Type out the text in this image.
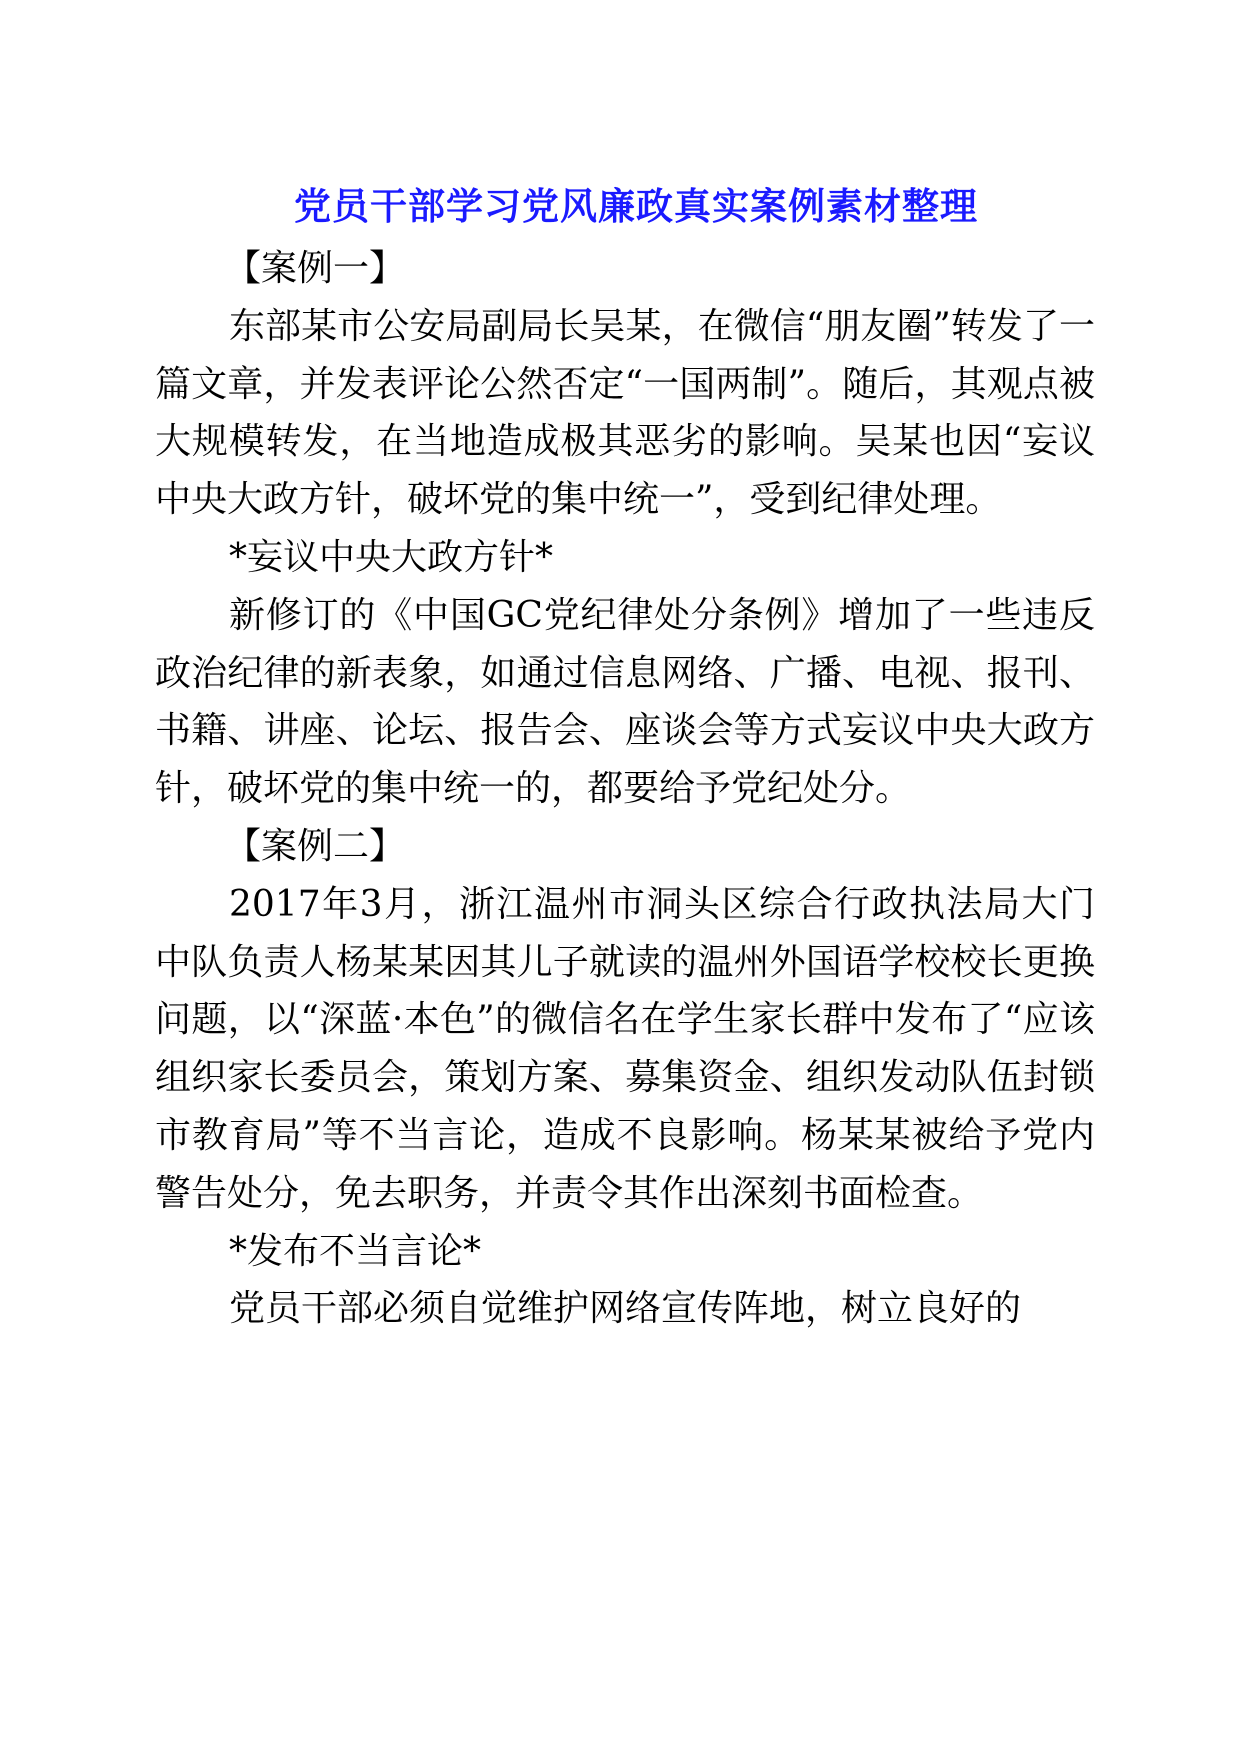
党员干部学习党风廉政真实案例素材整理

【案例一】

东部某市公安局副局长吴某，在微信“朋友圈”转发了一篇文章，并发表评论公然否定“一国两制”。随后，其观点被大规模转发，在当地造成极其恶劣的影响。吴某也因“妄议中央大政方针，破坏党的集中统一”，受到纪律处理。

*妄议中央大政方针*

新修订的《中国GC党纪律处分条例》增加了一些违反政治纪律的新表象，如通过信息网络、广播、电视、报刊、书籍、讲座、论坛、报告会、座谈会等方式妄议中央大政方针，破坏党的集中统一的，都要给予党纪处分。

【案例二】

2017年3月，浙江温州市洞头区综合行政执法局大门中队负责人杨某某因其儿子就读的温州外国语学校校长更换问题，以“深蓝·本色”的微信名在学生家长群中发布了“应该组织家长委员会，策划方案、募集资金、组织发动队伍封锁市教育局”等不当言论，造成不良影响。杨某某被给予党内警告处分，免去职务，并责令其作出深刻书面检查。

*发布不当言论*

党员干部必须自觉维护网络宣传阵地，树立良好的
